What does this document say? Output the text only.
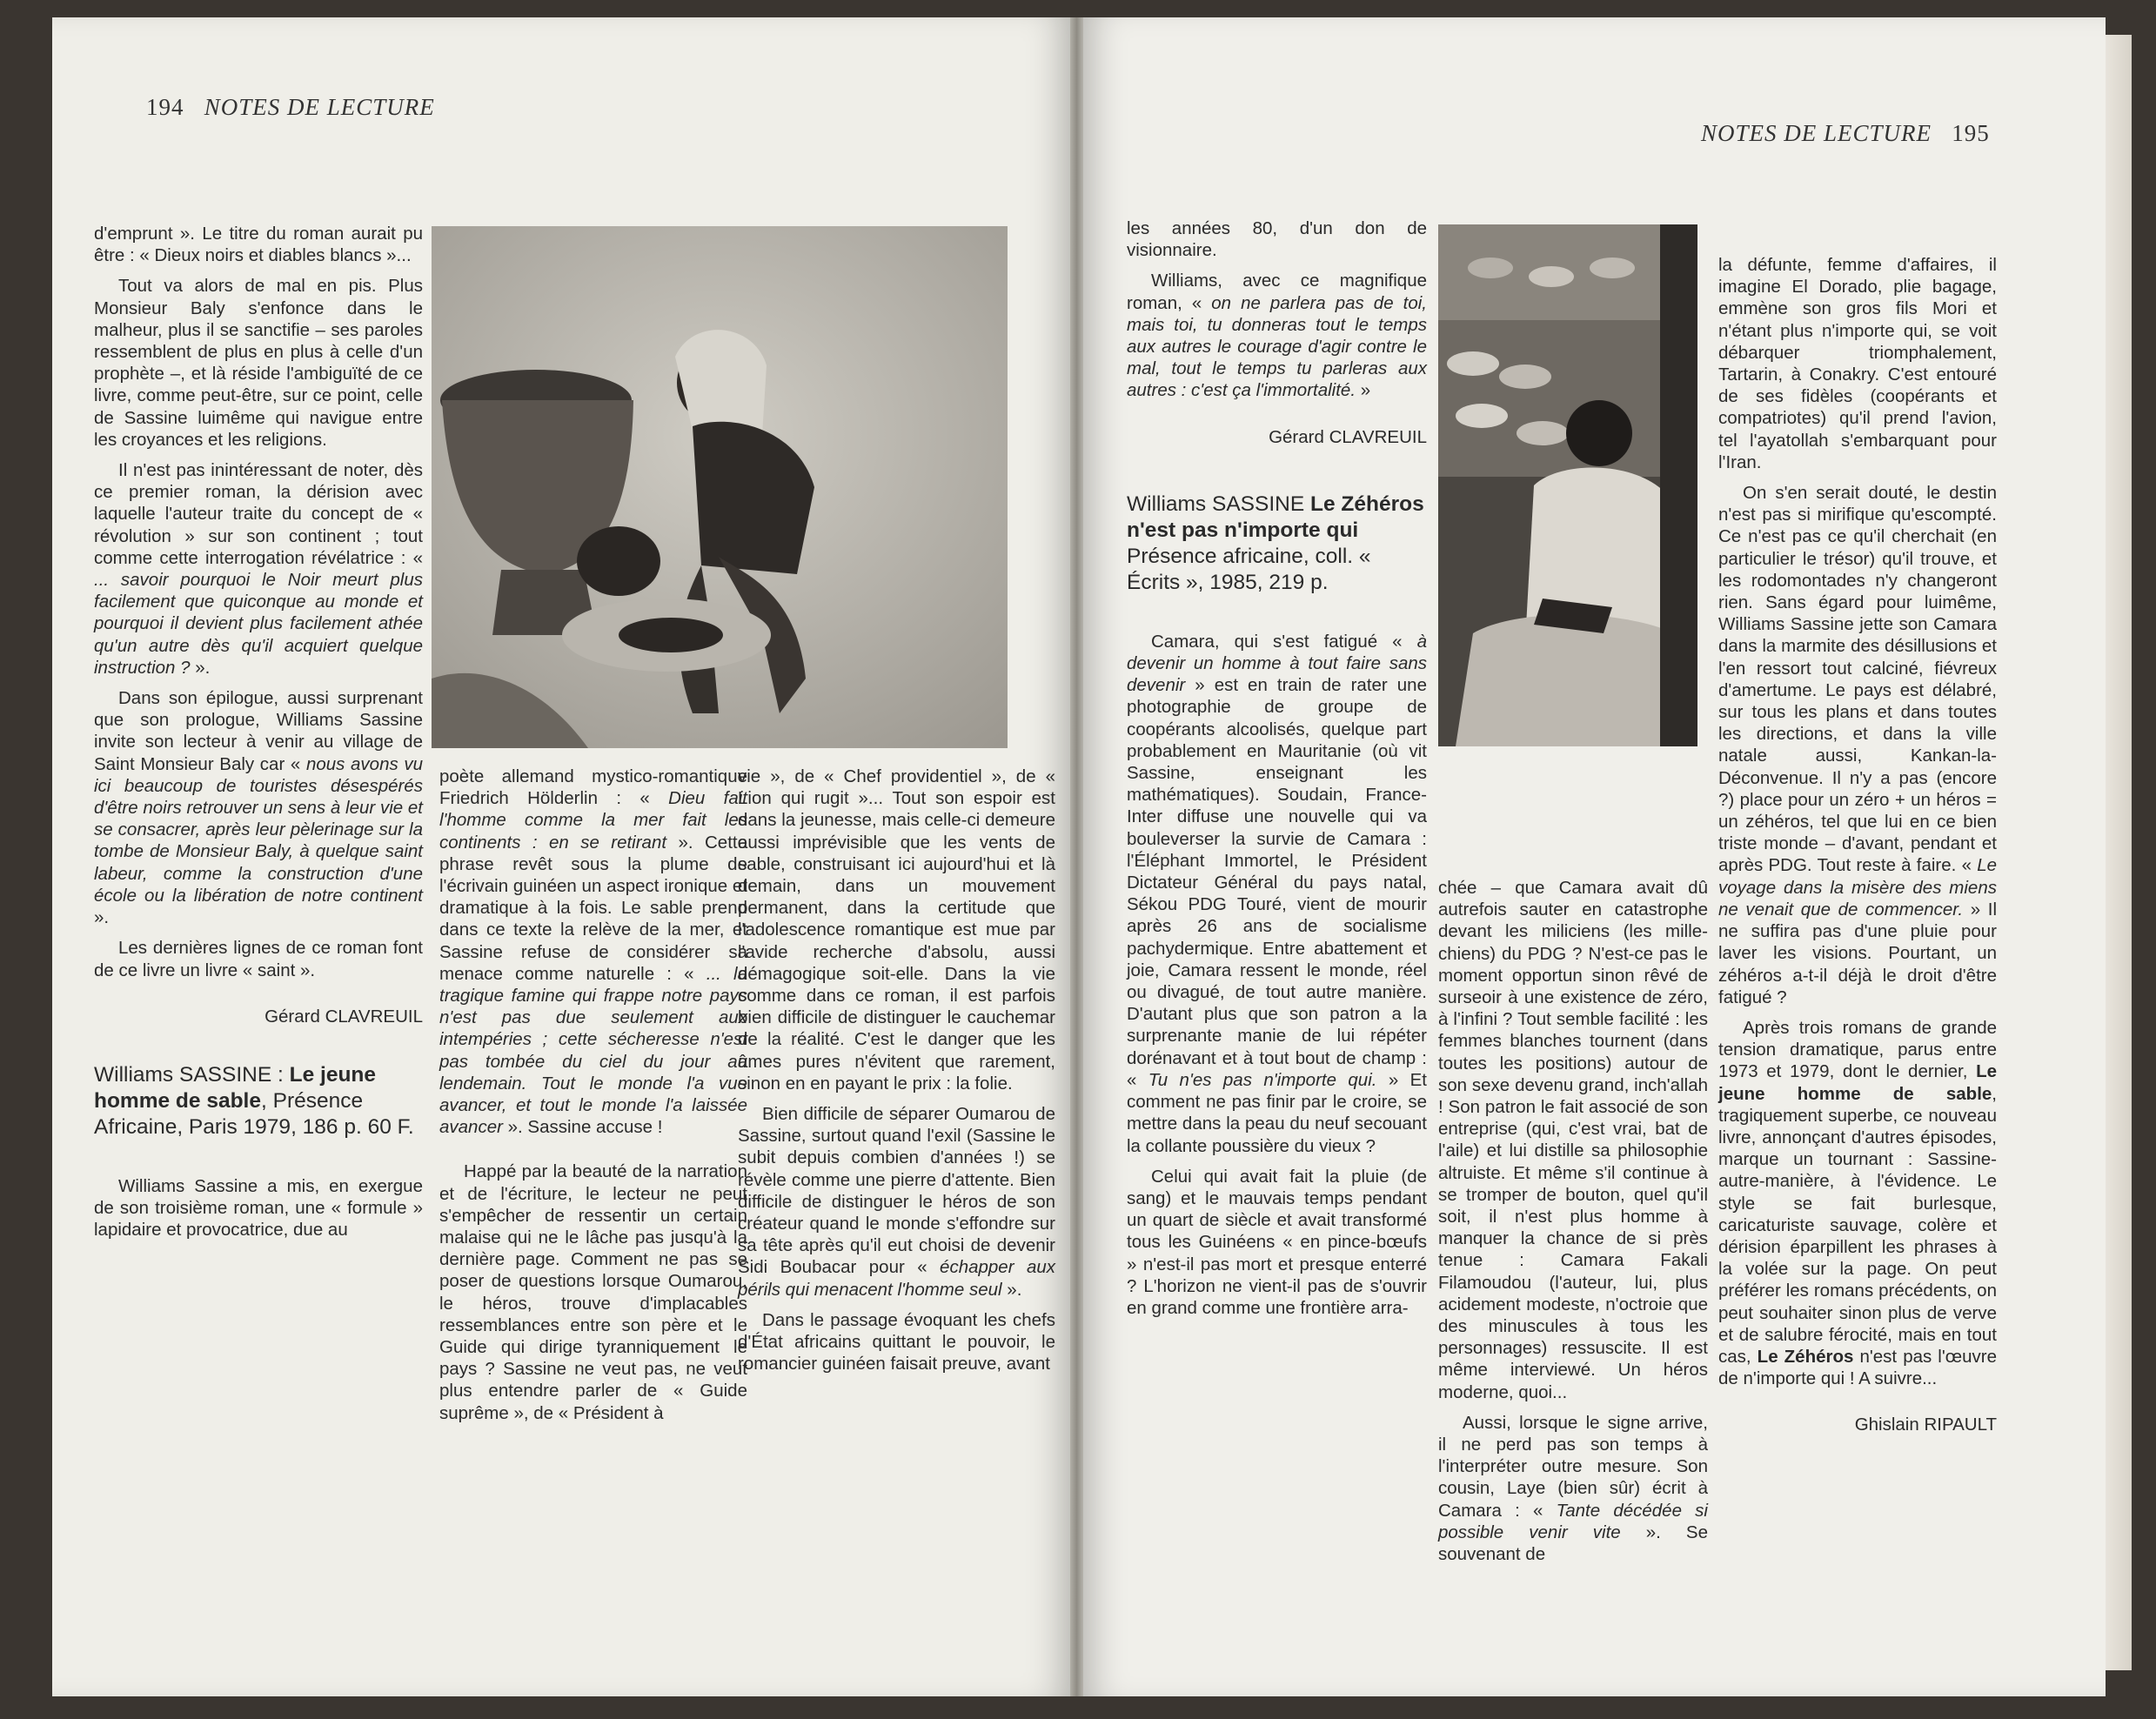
194 NOTES DE LECTURE

d'emprunt ». Le titre du roman aurait pu être : « Dieux noirs et diables blancs »...

Tout va alors de mal en pis. Plus Monsieur Baly s'enfonce dans le malheur, plus il se sanctifie – ses paroles ressemblent de plus en plus à celle d'un prophète –, et là réside l'ambiguïté de ce livre, comme peut-être, sur ce point, celle de Sassine luimême qui navigue entre les croyances et les religions.

Il n'est pas inintéressant de noter, dès ce premier roman, la dérision avec laquelle l'auteur traite du concept de « révolution » sur son continent ; tout comme cette interrogation révélatrice : « ... savoir pourquoi le Noir meurt plus facilement que quiconque au monde et pourquoi il devient plus facilement athée qu'un autre dès qu'il acquiert quelque instruction ? ».

Dans son épilogue, aussi surprenant que son prologue, Williams Sassine invite son lecteur à venir au village de Saint Monsieur Baly car « nous avons vu ici beaucoup de touristes désespérés d'être noirs retrouver un sens à leur vie et se consacrer, après leur pèlerinage sur la tombe de Monsieur Baly, à quelque saint labeur, comme la construction d'une école ou la libération de notre continent ».

Les dernières lignes de ce roman font de ce livre un livre « saint ».

Gérard CLAVREUIL
Williams SASSINE : Le jeune homme de sable, Présence Africaine, Paris 1979, 186 p. 60 F.

Williams Sassine a mis, en exergue de son troisième roman, une « formule » lapidaire et provocatrice, due au

poète allemand mystico-romantique Friedrich Hölderlin : « Dieu fait l'homme comme la mer fait les continents : en se retirant ». Cette phrase revêt sous la plume de l'écrivain guinéen un aspect ironique et dramatique à la fois. Le sable prend dans ce texte la relève de la mer, et Sassine refuse de considérer sa menace comme naturelle : « ... la tragique famine qui frappe notre pays n'est pas due seulement aux intempéries ; cette sécheresse n'est pas tombée du ciel du jour au lendemain. Tout le monde l'a vue avancer, et tout le monde l'a laissée avancer ». Sassine accuse !

Happé par la beauté de la narration et de l'écriture, le lecteur ne peut s'empêcher de ressentir un certain malaise qui ne le lâche pas jusqu'à la dernière page. Comment ne pas se poser de questions lorsque Oumarou, le héros, trouve d'implacables ressemblances entre son père et le Guide qui dirige tyranniquement le pays ? Sassine ne veut pas, ne veut plus entendre parler de « Guide suprême », de « Président à

vie », de « Chef providentiel », de « Lion qui rugit »... Tout son espoir est dans la jeunesse, mais celle-ci demeure aussi imprévisible que les vents de sable, construisant ici aujourd'hui et là demain, dans un mouvement permanent, dans la certitude que l'adolescence romantique est mue par l'avide recherche d'absolu, aussi démagogique soit-elle. Dans la vie comme dans ce roman, il est parfois bien difficile de distinguer le cauchemar de la réalité. C'est le danger que les âmes pures n'évitent que rarement, sinon en en payant le prix : la folie.

Bien difficile de séparer Oumarou de Sassine, surtout quand l'exil (Sassine le subit depuis combien d'années !) se révèle comme une pierre d'attente. Bien difficile de distinguer le héros de son créateur quand le monde s'effondre sur sa tête après qu'il eut choisi de devenir Sidi Boubacar pour « échapper aux périls qui menacent l'homme seul ».

Dans le passage évoquant les chefs d'État africains quittant le pouvoir, le romancier guinéen faisait preuve, avant

NOTES DE LECTURE 195

les années 80, d'un don de visionnaire.

Williams, avec ce magnifique roman, « on ne parlera pas de toi, mais toi, tu donneras tout le temps aux autres le courage d'agir contre le mal, tout le temps tu parleras aux autres : c'est ça l'immortalité. »

Gérard CLAVREUIL
Williams SASSINE Le Zéhéros n'est pas n'importe qui Présence africaine, coll. « Écrits », 1985, 219 p.

Camara, qui s'est fatigué « à devenir un homme à tout faire sans devenir » est en train de rater une photographie de groupe de coopérants alcoolisés, quelque part probablement en Mauritanie (où vit Sassine, enseignant les mathématiques). Soudain, France-Inter diffuse une nouvelle qui va bouleverser la survie de Camara : l'Éléphant Immortel, le Président Dictateur Général du pays natal, Sékou PDG Touré, vient de mourir après 26 ans de socialisme pachydermique. Entre abattement et joie, Camara ressent le monde, réel ou divagué, de tout autre manière. D'autant plus que son patron a la surprenante manie de lui répéter dorénavant et à tout bout de champ : « Tu n'es pas n'importe qui. » Et comment ne pas finir par le croire, se mettre dans la peau du neuf secouant la collante poussière du vieux ?

Celui qui avait fait la pluie (de sang) et le mauvais temps pendant un quart de siècle et avait transformé tous les Guinéens « en pince-bœufs » n'est-il pas mort et presque enterré ? L'horizon ne vient-il pas de s'ouvrir en grand comme une frontière arra-

chée – que Camara avait dû autrefois sauter en catastrophe devant les miliciens (les mille-chiens) du PDG ? N'est-ce pas le moment opportun sinon rêvé de surseoir à une existence de zéro, à l'infini ? Tout semble facilité : les femmes blanches tournent (dans toutes les positions) autour de son sexe devenu grand, inch'allah ! Son patron le fait associé de son entreprise (qui, c'est vrai, bat de l'aile) et lui distille sa philosophie altruiste. Et même s'il continue à se tromper de bouton, quel qu'il soit, il n'est plus homme à manquer la chance de si près tenue : Camara Fakali Filamoudou (l'auteur, lui, plus acidement modeste, n'octroie que des minuscules à tous les personnages) ressuscite. Il est même interviewé. Un héros moderne, quoi...

Aussi, lorsque le signe arrive, il ne perd pas son temps à l'interpréter outre mesure. Son cousin, Laye (bien sûr) écrit à Camara : « Tante décédée si possible venir vite ». Se souvenant de

la défunte, femme d'affaires, il imagine El Dorado, plie bagage, emmène son gros fils Mori et n'étant plus n'importe qui, se voit débarquer triomphalement, Tartarin, à Conakry. C'est entouré de ses fidèles (coopérants et compatriotes) qu'il prend l'avion, tel l'ayatollah s'embarquant pour l'Iran.

On s'en serait douté, le destin n'est pas si mirifique qu'escompté. Ce n'est pas ce qu'il cherchait (en particulier le trésor) qu'il trouve, et les rodomontades n'y changeront rien. Sans égard pour luimême, Williams Sassine jette son Camara dans la marmite des désillusions et l'en ressort tout calciné, fiévreux d'amertume. Le pays est délabré, sur tous les plans et dans toutes les directions, et dans la ville natale aussi, Kankan-la-Déconvenue. Il n'y a pas (encore ?) place pour un zéro + un héros = un zéhéros, tel que lui en ce bien triste monde – d'avant, pendant et après PDG. Tout reste à faire. « Le voyage dans la misère des miens ne venait que de commencer. » Il ne suffira pas d'une pluie pour laver les visions. Pourtant, un zéhéros a-t-il déjà le droit d'être fatigué ?

Après trois romans de grande tension dramatique, parus entre 1973 et 1979, dont le dernier, Le jeune homme de sable, tragiquement superbe, ce nouveau livre, annonçant d'autres épisodes, marque un tournant : Sassine-autre-manière, à l'évidence. Le style se fait burlesque, caricaturiste sauvage, colère et dérision éparpillent les phrases à la volée sur la page. On peut préférer les romans précédents, on peut souhaiter sinon plus de verve et de salubre férocité, mais en tout cas, Le Zéhéros n'est pas l'œuvre de n'importe qui ! A suivre...

Ghislain RIPAULT
